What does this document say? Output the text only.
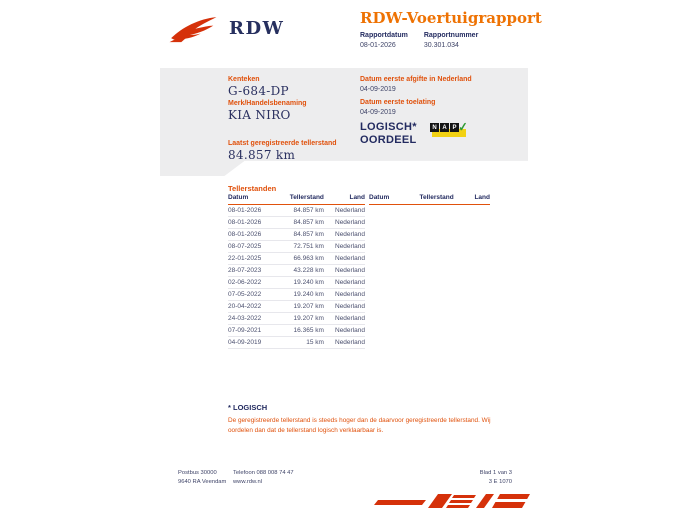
RDW	RDW-Voertuigrapport
Rapportdatum
08-01-2026
Rapportnummer
30.301.034
Kenteken
G-684-DP
Merk/Handelsbenaming
KIA NIRO
Laatst geregistreerde tellerstand
84.857 km
Datum eerste afgifte in Nederland
04-09-2019
Datum eerste toelating
04-09-2019
LOGISCH*
OORDEEL
N A P ✓
Tellerstanden
Datum	Tellerstand	Land
08-01-2026	84.857 km	Nederland
08-01-2026	84.857 km	Nederland
08-01-2026	84.857 km	Nederland
08-07-2025	72.751 km	Nederland
22-01-2025	66.963 km	Nederland
28-07-2023	43.228 km	Nederland
02-06-2022	19.240 km	Nederland
07-05-2022	19.240 km	Nederland
20-04-2022	19.207 km	Nederland
24-03-2022	19.207 km	Nederland
07-09-2021	16.365 km	Nederland
04-09-2019	15 km	Nederland
Datum	Tellerstand	Land
* LOGISCH
De geregistreerde tellerstand is steeds hoger dan de daarvoor geregistreerde tellerstand. Wij oordelen dan dat de tellerstand logisch verklaarbaar is.
Postbus 30000
9640 RA Veendam
Telefoon 088 008 74 47
www.rdw.nl
Blad 1 van 3
3 E 1070
